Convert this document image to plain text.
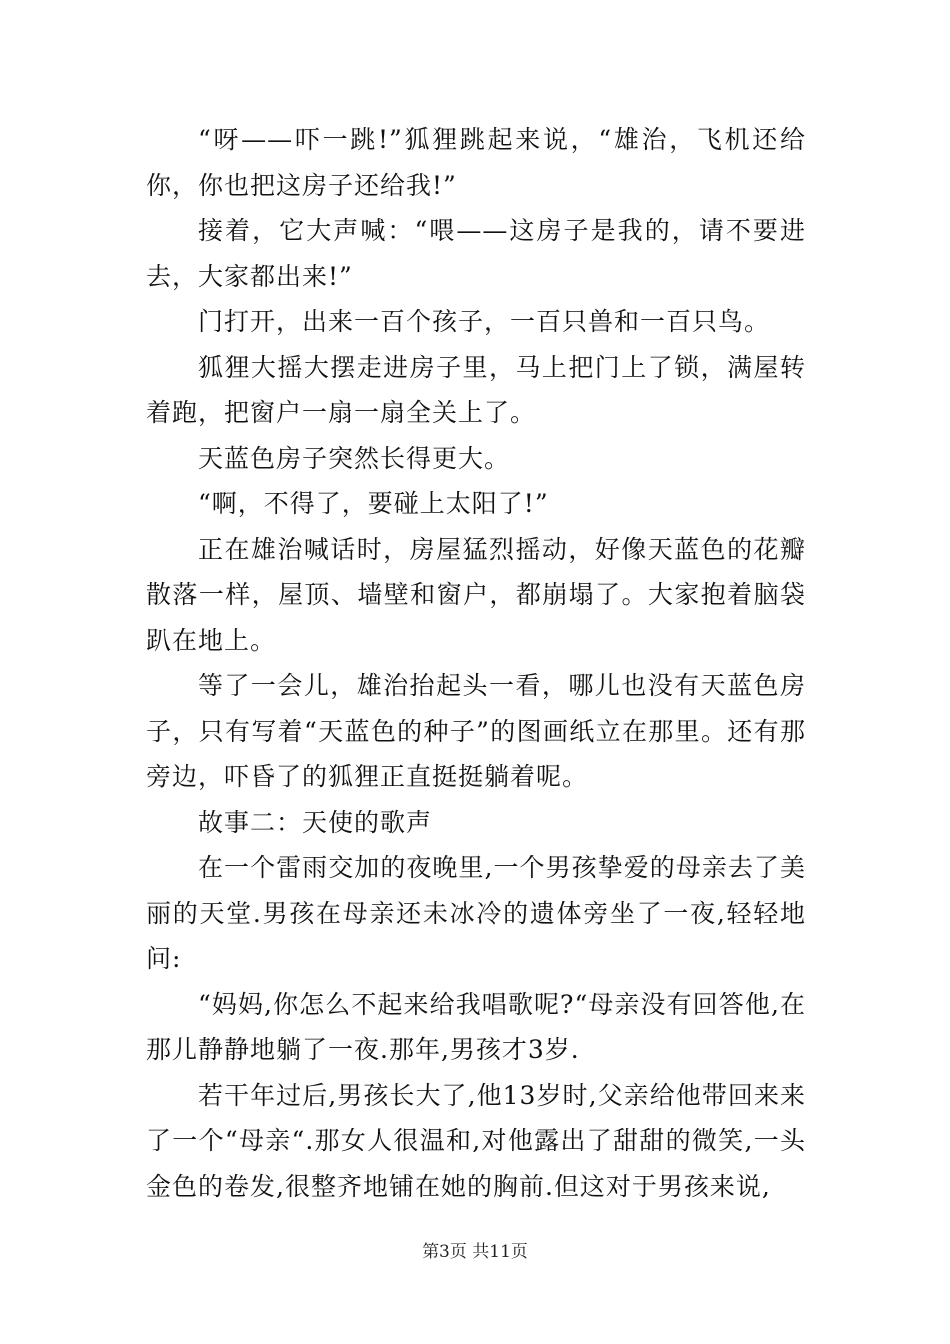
“呀——吓一跳!”狐狸跳起来说，“雄治，飞机还给你，你也把这房子还给我!”

接着，它大声喊：“喂——这房子是我的，请不要进去，大家都出来!”

门打开，出来一百个孩子，一百只兽和一百只鸟。

狐狸大摇大摆走进房子里，马上把门上了锁，满屋转着跑，把窗户一扇一扇全关上了。

天蓝色房子突然长得更大。

“啊，不得了，要碰上太阳了!”

正在雄治喊话时，房屋猛烈摇动，好像天蓝色的花瓣散落一样，屋顶、墙壁和窗户，都崩塌了。大家抱着脑袋趴在地上。

等了一会儿，雄治抬起头一看，哪儿也没有天蓝色房子，只有写着“天蓝色的种子”的图画纸立在那里。还有那旁边，吓昏了的狐狸正直挺挺躺着呢。

故事二：天使的歌声

在一个雷雨交加的夜晚里,一个男孩挚爱的母亲去了美丽的天堂.男孩在母亲还未冰冷的遗体旁坐了一夜,轻轻地问:

“妈妈,你怎么不起来给我唱歌呢?“母亲没有回答他,在那儿静静地躺了一夜.那年,男孩才3岁.

若干年过后,男孩长大了,他13岁时,父亲给他带回来来了一个“母亲“.那女人很温和,对他露出了甜甜的微笑,一头金色的卷发,很整齐地铺在她的胸前.但这对于男孩来说,

第3页 共11页
